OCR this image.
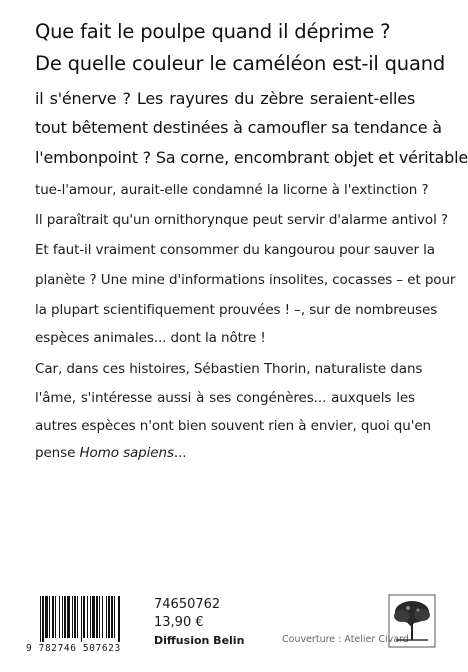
Que fait le poulpe quand il déprime ?
De quelle couleur le caméléon est-il quand
il s'énerve ? Les rayures du zèbre seraient-elles
tout bêtement destinées à camoufler sa tendance à
l'embonpoint ? Sa corne, encombrant objet et véritable
tue-l'amour, aurait-elle condamné la licorne à l'extinction ?
Il paraîtrait qu'un ornithorynque peut servir d'alarme antivol ?
Et faut-il vraiment consommer du kangourou pour sauver la
planète ? Une mine d'informations insolites, cocasses – et pour
la plupart scientifiquement prouvées ! –, sur de nombreuses
espèces animales... dont la nôtre !
Car, dans ces histoires, Sébastien Thorin, naturaliste dans
l'âme, s'intéresse aussi à ses congénères... auxquels les
autres espèces n'ont bien souvent rien à envier, quoi qu'en
pense Homo sapiens...
9 782746 507623
74650762
13,90 €
Diffusion Belin	Couverture : Atelier Civard
